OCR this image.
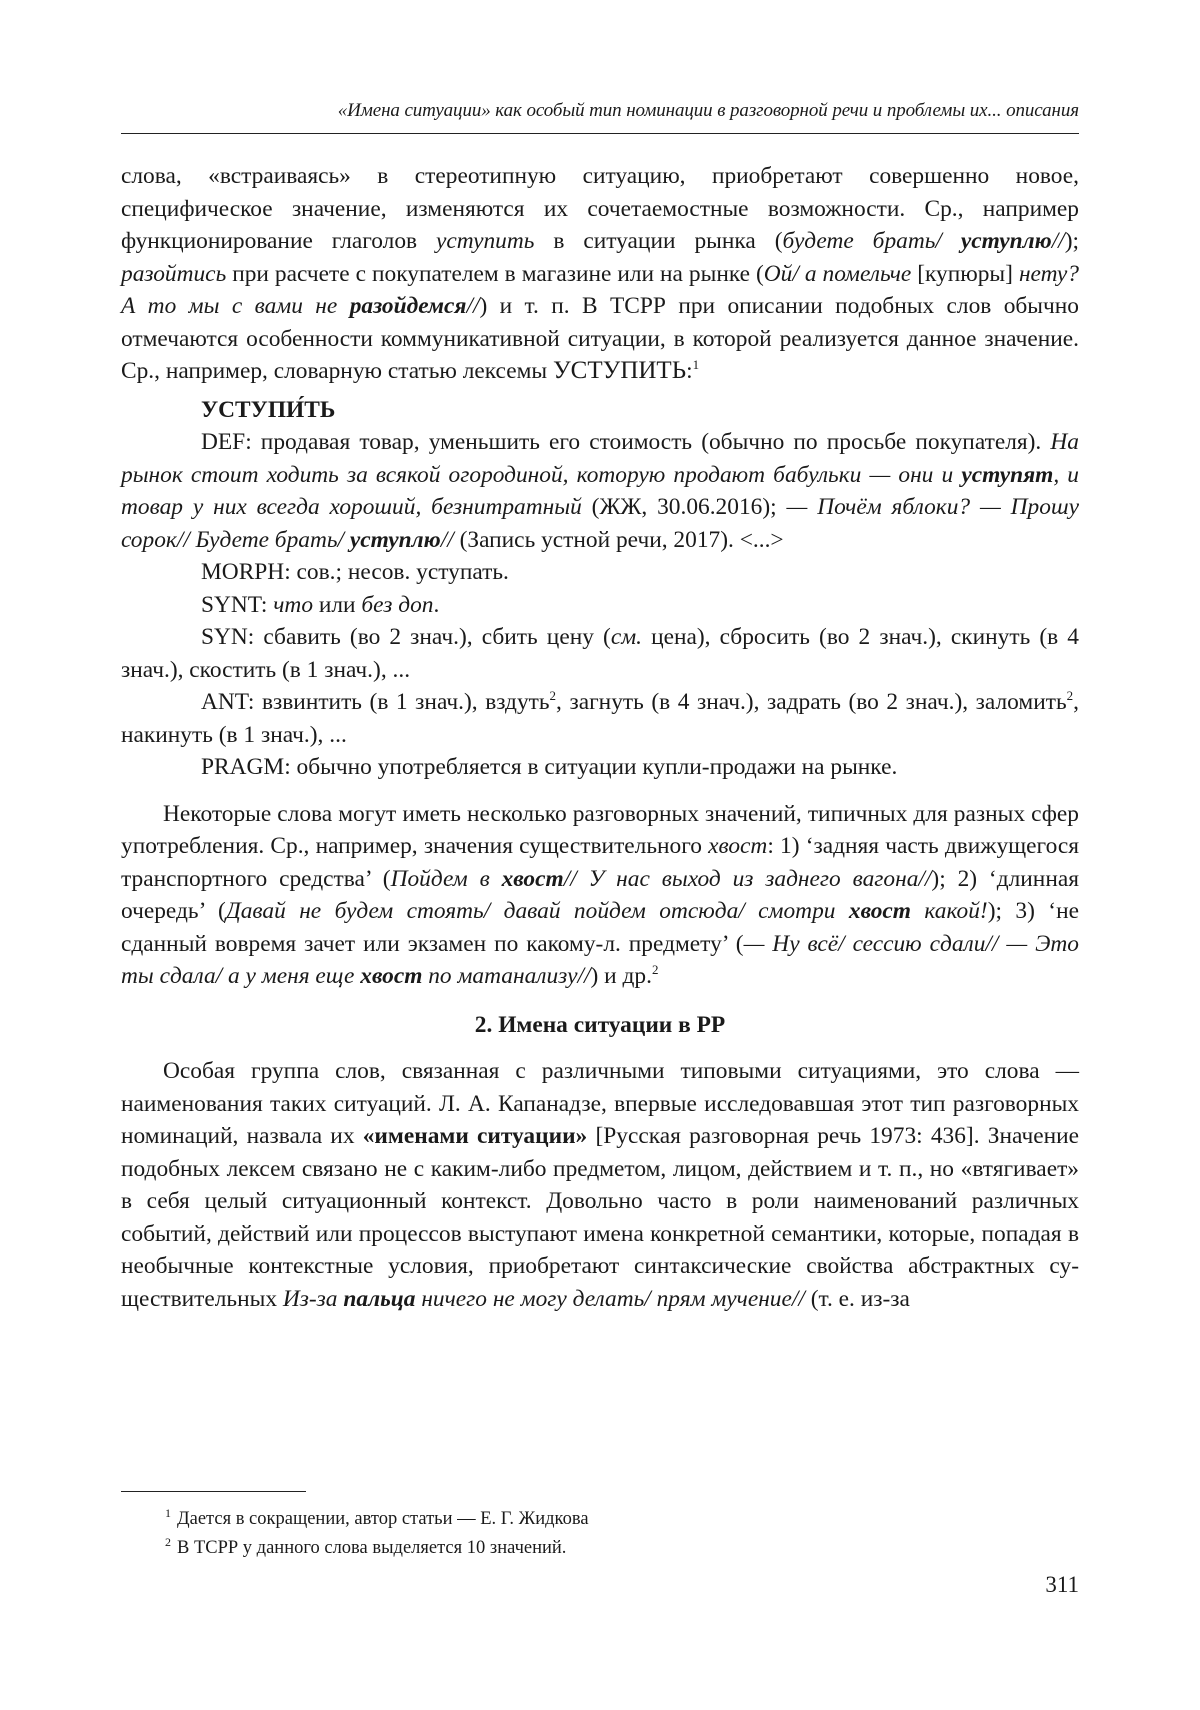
«Имена ситуации» как особый тип номинации в разговорной речи и проблемы их... описания

слова, «встраиваясь» в стереотипную ситуацию, приобретают совершенно новое, специфическое значение, изменяются их сочетаемостные возможности. Ср., например функционирование глаголов уступить в ситуации рынка (будете брать/ уступлю//); разойтись при расчете с покупателем в магазине или на рынке (Ой/ а помельче [купюры] нету? А то мы с вами не разойдемся//) и т. п. В ТСРР при описании подобных слов обычно отмечаются особенности коммуникативной ситуации, в которой реализуется данное значение. Ср., например, словарную статью лексемы УСТУПИТЬ:$^1$

УСТУПИ́ТЬ

DEF: продавая товар, уменьшить его стоимость (обычно по просьбе покупателя). На рынок стоит ходить за всякой огородиной, которую продают бабульки — они и уступят, и товар у них всегда хороший, безнитратный (ЖЖ, 30.06.2016); — Почём яблоки? — Прошу сорок// Будете брать/ уступлю// (Запись устной речи, 2017). <...>

MORPH: сов.; несов. уступать.

SYNT: что или без доп.

SYN: сбавить (во 2 знач.), сбить цену (см. цена), сбросить (во 2 знач.), скинуть (в 4 знач.), скостить (в 1 знач.), ...

ANT: взвинтить (в 1 знач.), вздуть$^2$, загнуть (в 4 знач.), задрать (во 2 знач.), заломить$^2$, накинуть (в 1 знач.), ...

PRAGM: обычно употребляется в ситуации купли-продажи на рынке.

Некоторые слова могут иметь несколько разговорных значений, типичных для разных сфер употребления. Ср., например, значения существительного хвост: 1) ‘задняя часть движущегося транспортного средства’ (Пойдем в хвост// У нас выход из заднего вагона//); 2) ‘длинная очередь’ (Давай не будем стоять/ давай пойдем отсюда/ смотри хвост какой!); 3) ‘не сданный вовремя зачет или экзамен по какому-л. предмету’ (— Ну всё/ сессию сдали// — Это ты сдала/ а у меня еще хвост по матанализу//) и др.$^2$

2. Имена ситуации в РР

Особая группа слов, связанная с различными типовыми ситуациями, это слова — наименования таких ситуаций. Л. А. Капанадзе, впервые исследовавшая этот тип разговорных номинаций, назвала их «именами ситуации» [Русская разговорная речь 1973: 436]. Значение подобных лексем связано не с каким-либо предметом, лицом, действием и т. п., но «втягивает» в себя целый ситуационный контекст. Довольно часто в роли наименований различных событий, действий или процессов выступают имена конкретной семантики, которые, попадая в необычные контекстные условия, приобретают синтаксические свойства абстрактных существительных Из-за пальца ничего не могу делать/ прям мучение// (т. е. из-за

$^1$ Дается в сокращении, автор статьи — Е. Г. Жидкова
$^2$ В ТСРР у данного слова выделяется 10 значений.
311
